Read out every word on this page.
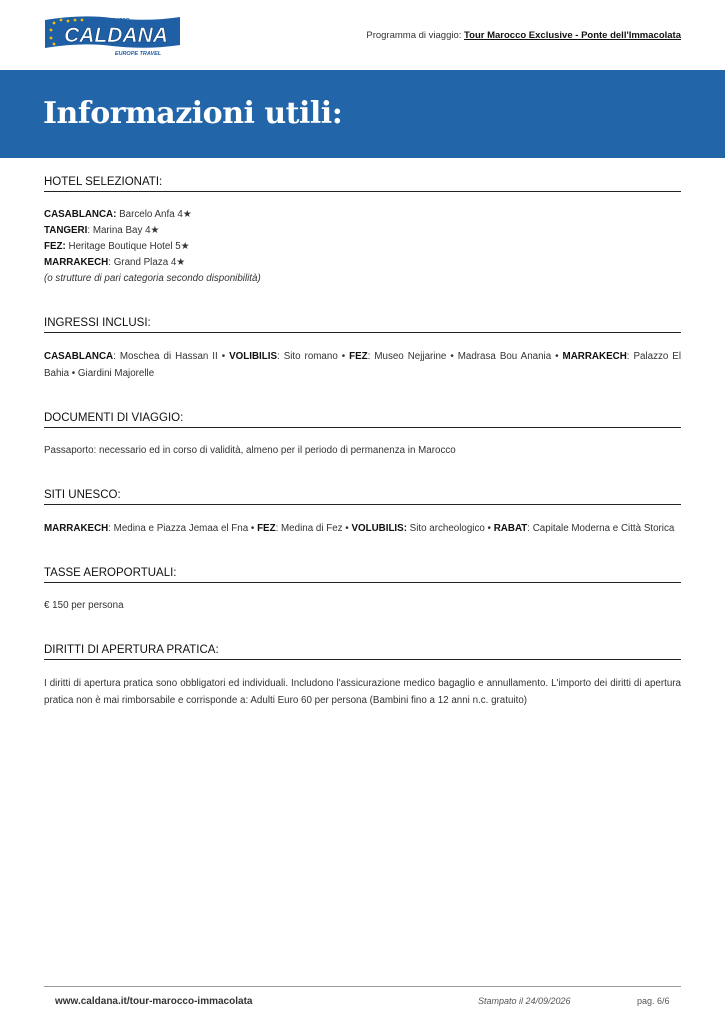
TOUR OPERATOR
CALDANA
EUROPE TRAVEL
Programma di viaggio: Tour Marocco Exclusive - Ponte dell'Immacolata
Informazioni utili:
HOTEL SELEZIONATI:
CASABLANCA: Barcelo Anfa 4★
TANGERI: Marina Bay 4★
FEZ: Heritage Boutique Hotel 5★
MARRAKECH: Grand Plaza 4★
(o strutture di pari categoria secondo disponibilità)
INGRESSI INCLUSI:
CASABLANCA: Moschea di Hassan II • VOLIBILIS: Sito romano • FEZ: Museo Nejjarine • Madrasa Bou Anania • MARRAKECH: Palazzo El Bahia • Giardini Majorelle
DOCUMENTI DI VIAGGIO:
Passaporto: necessario ed in corso di validità, almeno per il periodo di permanenza in Marocco
SITI UNESCO:
MARRAKECH: Medina e Piazza Jemaa el Fna • FEZ: Medina di Fez • VOLUBILIS: Sito archeologico • RABAT: Capitale Moderna e Città Storica
TASSE AEROPORTUALI:
€ 150 per persona
DIRITTI DI APERTURA PRATICA:
I diritti di apertura pratica sono obbligatori ed individuali. Includono l'assicurazione medico bagaglio e annullamento. L'importo dei diritti di apertura pratica non è mai rimborsabile e corrisponde a: Adulti Euro 60 per persona (Bambini fino a 12 anni n.c. gratuito)
www.caldana.it/tour-marocco-immacolata	Stampato il 24/09/2026	pag. 6/6
